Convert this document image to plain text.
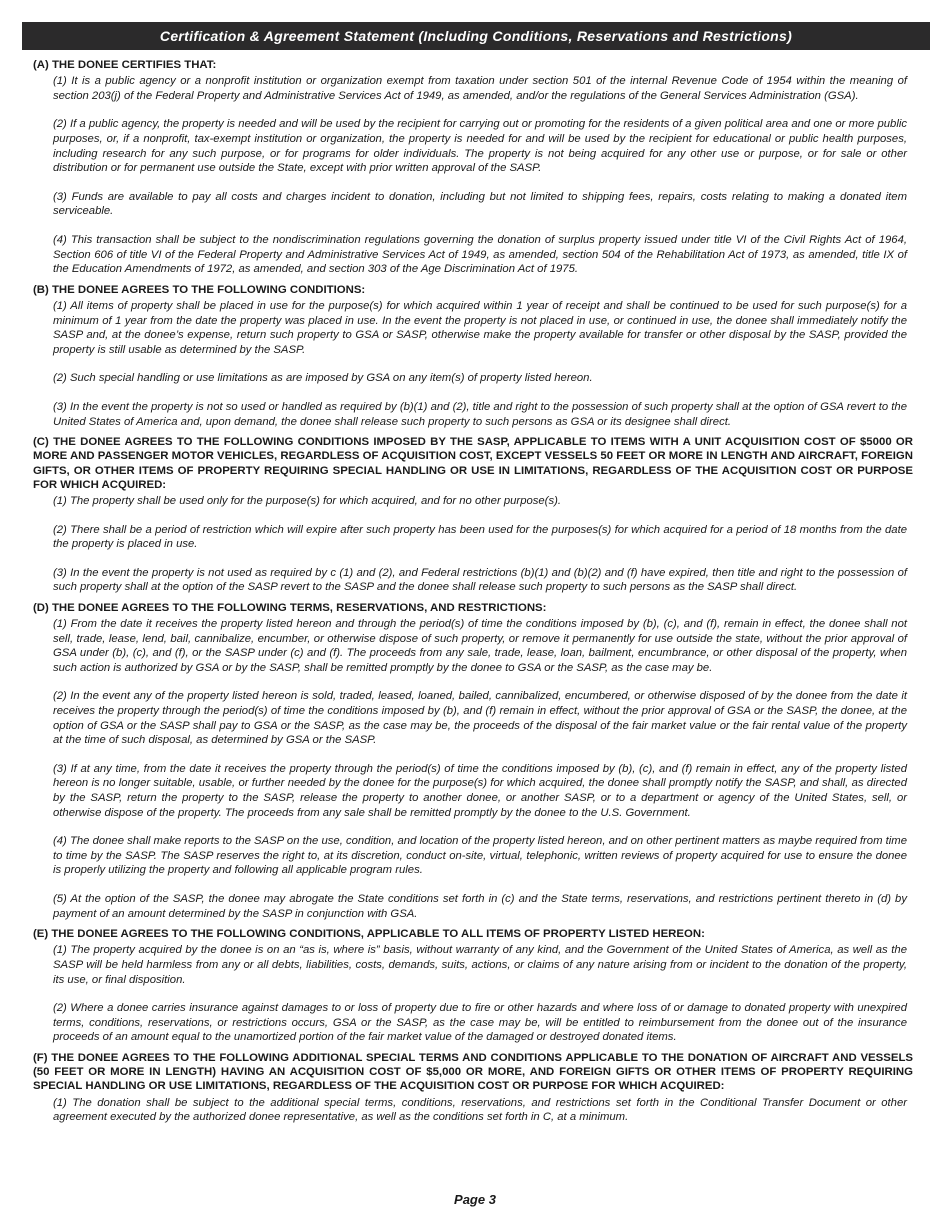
Certification & Agreement Statement (Including Conditions, Reservations and Restrictions)
(A) THE DONEE CERTIFIES THAT:

(1) It is a public agency or a nonprofit institution or organization exempt from taxation under section 501 of the internal Revenue Code of 1954 within the meaning of section 203(j) of the Federal Property and Administrative Services Act of 1949, as amended, and/or the regulations of the General Services Administration (GSA).

(2) If a public agency, the property is needed and will be used by the recipient for carrying out or promoting for the residents of a given political area and one or more public purposes, or, if a nonprofit, tax-exempt institution or organization, the property is needed for and will be used by the recipient for educational or public health purposes, including research for any such purpose, or for programs for older individuals. The property is not being acquired for any other use or purpose, or for sale or other distribution or for permanent use outside the State, except with prior written approval of the SASP.

(3) Funds are available to pay all costs and charges incident to donation, including but not limited to shipping fees, repairs, costs relating to making a donated item serviceable.

(4) This transaction shall be subject to the nondiscrimination regulations governing the donation of surplus property issued under title VI of the Civil Rights Act of 1964, Section 606 of title VI of the Federal Property and Administrative Services Act of 1949, as amended, section 504 of the Rehabilitation Act of 1973, as amended, title IX of the Education Amendments of 1972, as amended, and section 303 of the Age Discrimination Act of 1975.

(B) THE DONEE AGREES TO THE FOLLOWING CONDITIONS:

(1) All items of property shall be placed in use for the purpose(s) for which acquired within 1 year of receipt and shall be continued to be used for such purpose(s) for a minimum of 1 year from the date the property was placed in use. In the event the property is not placed in use, or continued in use, the donee shall immediately notify the SASP and, at the donee’s expense, return such property to GSA or SASP, otherwise make the property available for transfer or other disposal by the SASP, provided the property is still usable as determined by the SASP.

(2) Such special handling or use limitations as are imposed by GSA on any item(s) of property listed hereon.

(3) In the event the property is not so used or handled as required by (b)(1) and (2), title and right to the possession of such property shall at the option of GSA revert to the United States of America and, upon demand, the donee shall release such property to such persons as GSA or its designee shall direct.

(C) THE DONEE AGREES TO THE FOLLOWING CONDITIONS IMPOSED BY THE SASP, APPLICABLE TO ITEMS WITH A UNIT ACQUISITION COST OF $5000 OR MORE AND PASSENGER MOTOR VEHICLES, REGARDLESS OF ACQUISITION COST, EXCEPT VESSELS 50 FEET OR MORE IN LENGTH AND AIRCRAFT, FOREIGN GIFTS, OR OTHER ITEMS OF PROPERTY REQUIRING SPECIAL HANDLING OR USE IN LIMITATIONS, REGARDLESS OF THE ACQUISITION COST OR PURPOSE FOR WHICH ACQUIRED:

(1) The property shall be used only for the purpose(s) for which acquired, and for no other purpose(s).

(2) There shall be a period of restriction which will expire after such property has been used for the purposes(s) for which acquired for a period of 18 months from the date the property is placed in use.

(3) In the event the property is not used as required by c (1) and (2), and Federal restrictions (b)(1) and (b)(2) and (f) have expired, then title and right to the possession of such property shall at the option of the SASP revert to the SASP and the donee shall release such property to such persons as the SASP shall direct.

(D) THE DONEE AGREES TO THE FOLLOWING TERMS, RESERVATIONS, AND RESTRICTIONS:

(1) From the date it receives the property listed hereon and through the period(s) of time the conditions imposed by (b), (c), and (f), remain in effect, the donee shall not sell, trade, lease, lend, bail, cannibalize, encumber, or otherwise dispose of such property, or remove it permanently for use outside the state, without the prior approval of GSA under (b), (c), and (f), or the SASP under (c) and (f). The proceeds from any sale, trade, lease, loan, bailment, encumbrance, or other disposal of the property, when such action is authorized by GSA or by the SASP, shall be remitted promptly by the donee to GSA or the SASP, as the case may be.

(2) In the event any of the property listed hereon is sold, traded, leased, loaned, bailed, cannibalized, encumbered, or otherwise disposed of by the donee from the date it receives the property through the period(s) of time the conditions imposed by (b), and (f) remain in effect, without the prior approval of GSA or the SASP, the donee, at the option of GSA or the SASP shall pay to GSA or the SASP, as the case may be, the proceeds of the disposal of the fair market value or the fair rental value of the property at the time of such disposal, as determined by GSA or the SASP.

(3) If at any time, from the date it receives the property through the period(s) of time the conditions imposed by (b), (c), and (f) remain in effect, any of the property listed hereon is no longer suitable, usable, or further needed by the donee for the purpose(s) for which acquired, the donee shall promptly notify the SASP, and shall, as directed by the SASP, return the property to the SASP, release the property to another donee, or another SASP, or to a department or agency of the United States, sell, or otherwise dispose of the property. The proceeds from any sale shall be remitted promptly by the donee to the U.S. Government.

(4) The donee shall make reports to the SASP on the use, condition, and location of the property listed hereon, and on other pertinent matters as maybe required from time to time by the SASP. The SASP reserves the right to, at its discretion, conduct on-site, virtual, telephonic, written reviews of property acquired for use to ensure the donee is properly utilizing the property and following all applicable program rules.

(5) At the option of the SASP, the donee may abrogate the State conditions set forth in (c) and the State terms, reservations, and restrictions pertinent thereto in (d) by payment of an amount determined by the SASP in conjunction with GSA.

(E) THE DONEE AGREES TO THE FOLLOWING CONDITIONS, APPLICABLE TO ALL ITEMS OF PROPERTY LISTED HEREON:

(1) The property acquired by the donee is on an “as is, where is” basis, without warranty of any kind, and the Government of the United States of America, as well as the SASP will be held harmless from any or all debts, liabilities, costs, demands, suits, actions, or claims of any nature arising from or incident to the donation of the property, its use, or final disposition.

(2) Where a donee carries insurance against damages to or loss of property due to fire or other hazards and where loss of or damage to donated property with unexpired terms, conditions, reservations, or restrictions occurs, GSA or the SASP, as the case may be, will be entitled to reimbursement from the donee out of the insurance proceeds of an amount equal to the unamortized portion of the fair market value of the damaged or destroyed donated items.

(F) THE DONEE AGREES TO THE FOLLOWING ADDITIONAL SPECIAL TERMS AND CONDITIONS APPLICABLE TO THE DONATION OF AIRCRAFT AND VESSELS (50 FEET OR MORE IN LENGTH) HAVING AN ACQUISITION COST OF $5,000 OR MORE, AND FOREIGN GIFTS OR OTHER ITEMS OF PROPERTY REQUIRING SPECIAL HANDLING OR USE LIMITATIONS, REGARDLESS OF THE ACQUISITION COST OR PURPOSE FOR WHICH ACQUIRED:

(1) The donation shall be subject to the additional special terms, conditions, reservations, and restrictions set forth in the Conditional Transfer Document or other agreement executed by the authorized donee representative, as well as the conditions set forth in C, at a minimum.

Page 3
